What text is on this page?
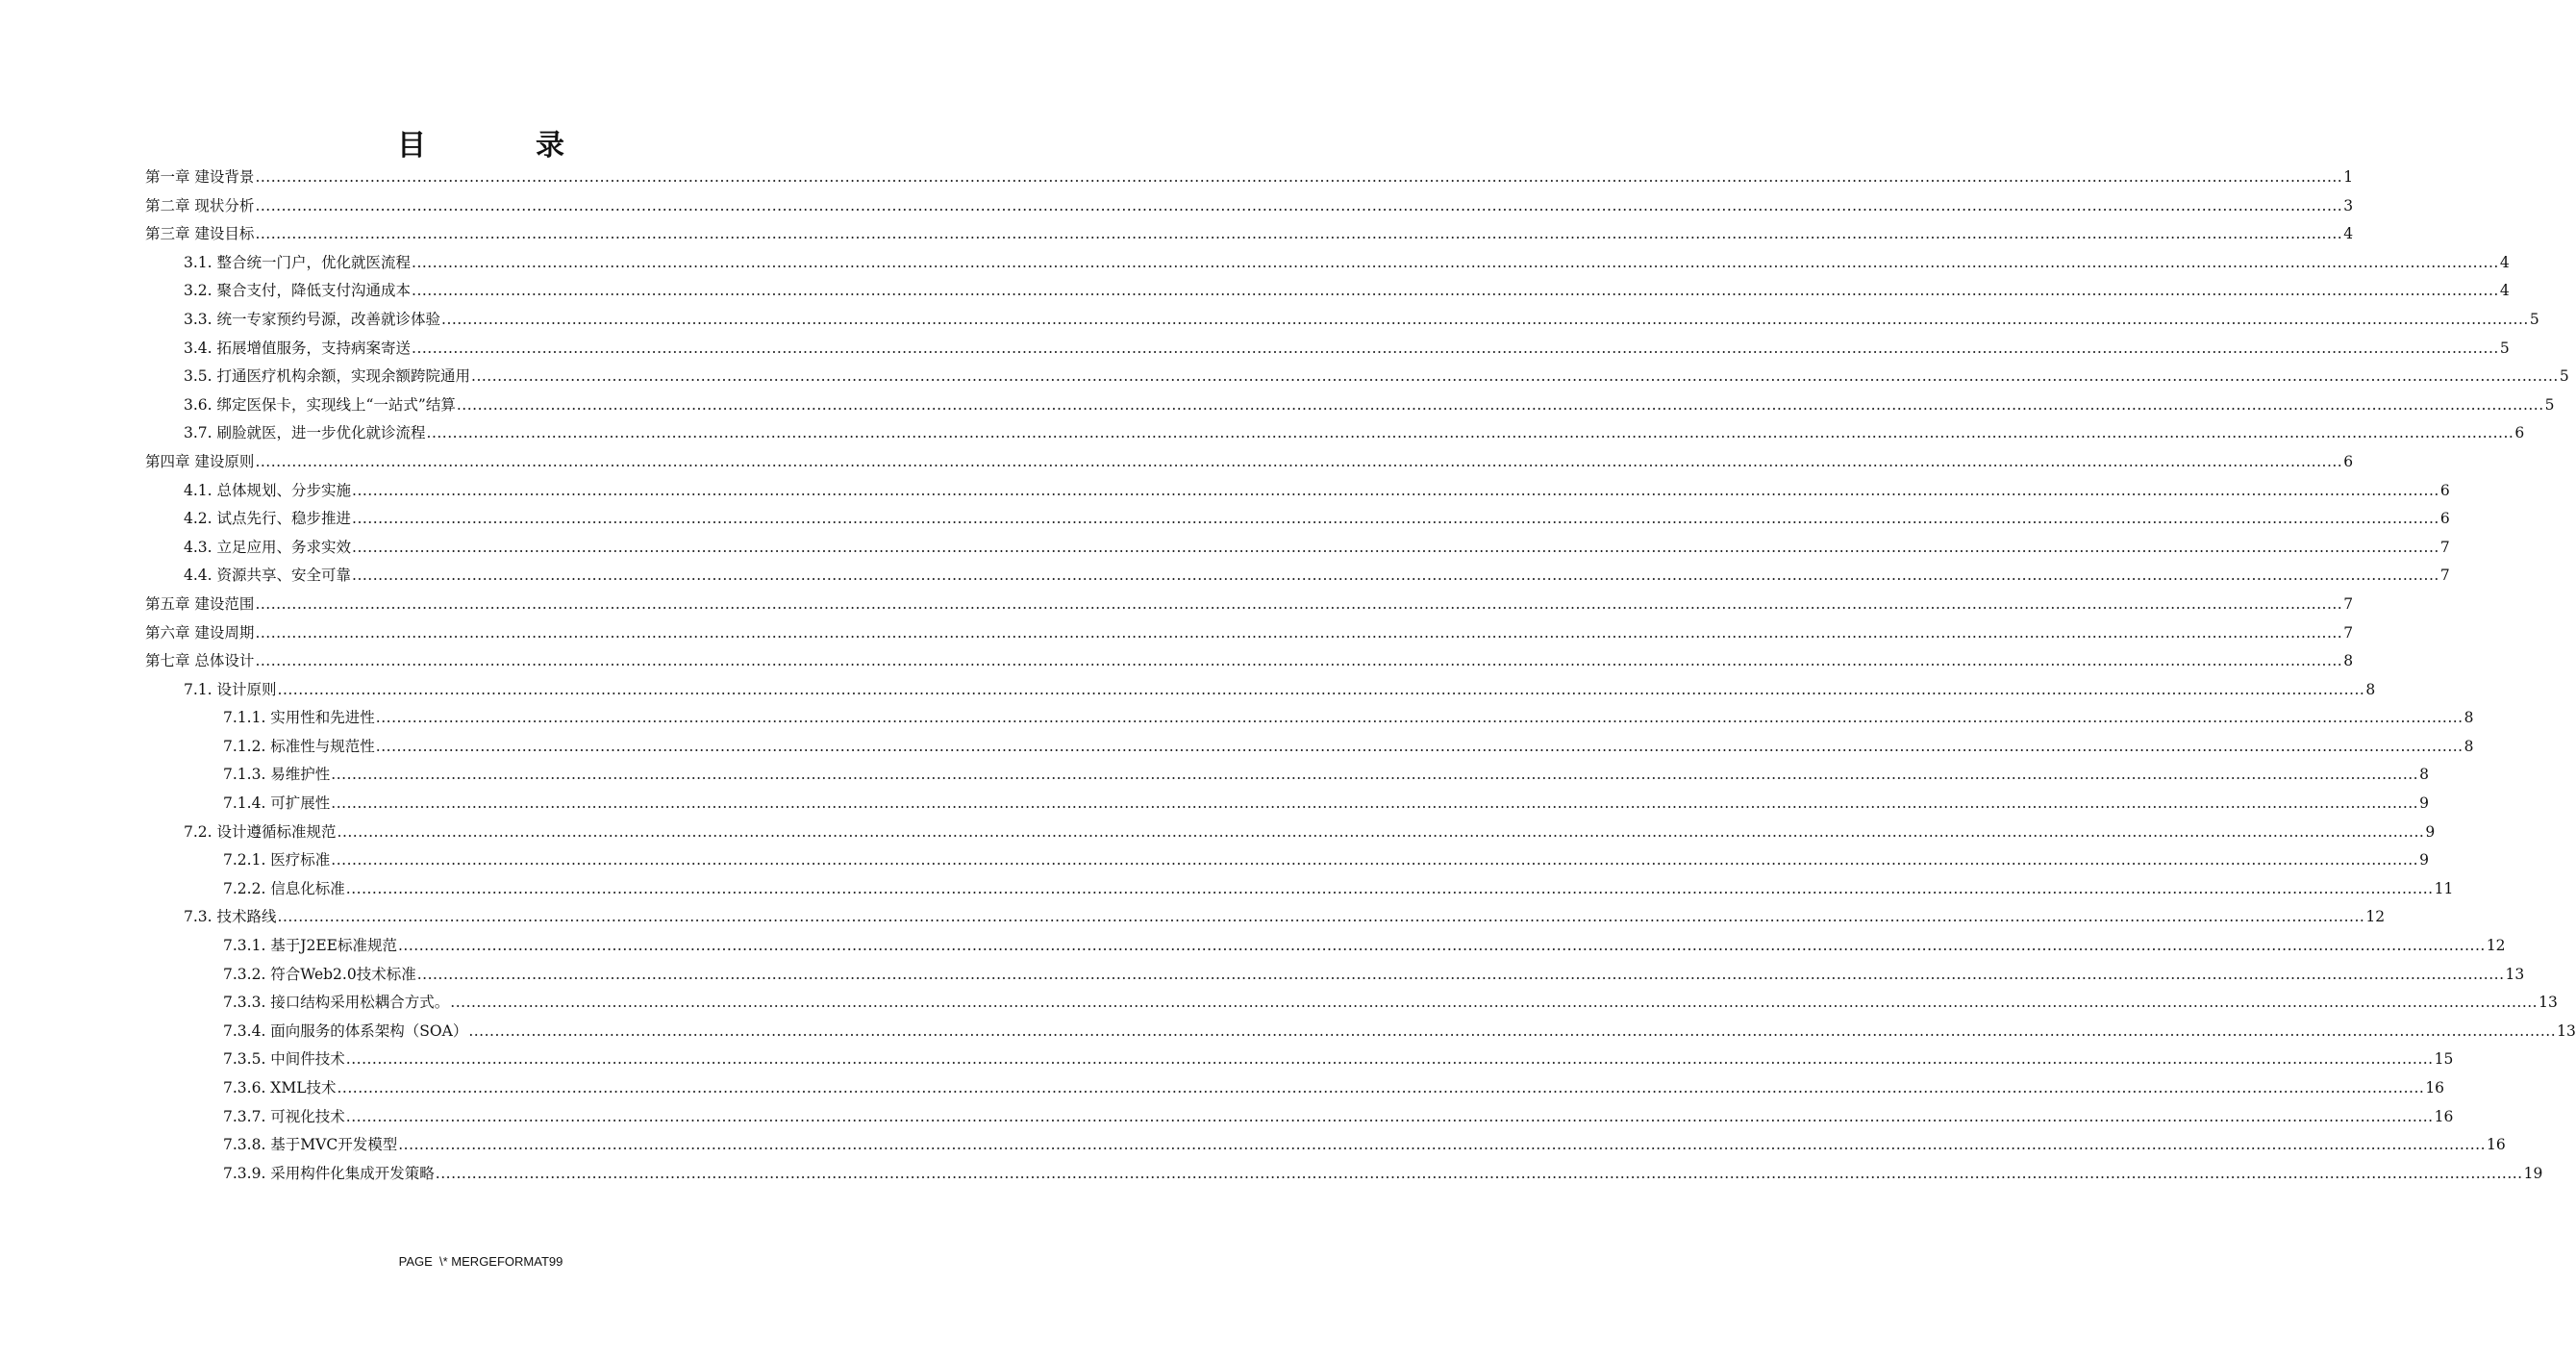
目　录
第一章 建设背景 ................................................................................................................................................................................................................................................................................................................................................................................................................ 1
第二章 现状分析 ................................................................................................................................................................................................................................................................................................................................................................................................................ 3
第三章 建设目标 ................................................................................................................................................................................................................................................................................................................................................................................................................ 4
3.1. 整合统一门户，优化就医流程 ................................................................................................................................................................................................................................................................................................................................................................................................................ 4
3.2. 聚合支付，降低支付沟通成本 ................................................................................................................................................................................................................................................................................................................................................................................................................ 4
3.3. 统一专家预约号源，改善就诊体验 ................................................................................................................................................................................................................................................................................................................................................................................................................ 5
3.4. 拓展增值服务，支持病案寄送 ................................................................................................................................................................................................................................................................................................................................................................................................................ 5
3.5. 打通医疗机构余额，实现余额跨院通用 ................................................................................................................................................................................................................................................................................................................................................................................................................ 5
3.6. 绑定医保卡，实现线上“一站式”结算 ................................................................................................................................................................................................................................................................................................................................................................................................................ 5
3.7. 刷脸就医，进一步优化就诊流程 ................................................................................................................................................................................................................................................................................................................................................................................................................ 6
第四章 建设原则 ................................................................................................................................................................................................................................................................................................................................................................................................................ 6
4.1. 总体规划、分步实施 ................................................................................................................................................................................................................................................................................................................................................................................................................ 6
4.2. 试点先行、稳步推进 ................................................................................................................................................................................................................................................................................................................................................................................................................ 6
4.3. 立足应用、务求实效 ................................................................................................................................................................................................................................................................................................................................................................................................................ 7
4.4. 资源共享、安全可靠 ................................................................................................................................................................................................................................................................................................................................................................................................................ 7
第五章 建设范围 ................................................................................................................................................................................................................................................................................................................................................................................................................ 7
第六章 建设周期 ................................................................................................................................................................................................................................................................................................................................................................................................................ 7
第七章 总体设计 ................................................................................................................................................................................................................................................................................................................................................................................................................ 8
7.1. 设计原则 ................................................................................................................................................................................................................................................................................................................................................................................................................ 8
7.1.1. 实用性和先进性 ................................................................................................................................................................................................................................................................................................................................................................................................................ 8
7.1.2. 标准性与规范性 ................................................................................................................................................................................................................................................................................................................................................................................................................ 8
7.1.3. 易维护性 ................................................................................................................................................................................................................................................................................................................................................................................................................ 8
7.1.4. 可扩展性 ................................................................................................................................................................................................................................................................................................................................................................................................................ 9
7.2. 设计遵循标准规范 ................................................................................................................................................................................................................................................................................................................................................................................................................ 9
7.2.1. 医疗标准 ................................................................................................................................................................................................................................................................................................................................................................................................................ 9
7.2.2. 信息化标准 ................................................................................................................................................................................................................................................................................................................................................................................................................ 11
7.3. 技术路线 ................................................................................................................................................................................................................................................................................................................................................................................................................ 12
7.3.1. 基于J2EE标准规范 ................................................................................................................................................................................................................................................................................................................................................................................................................ 12
7.3.2. 符合Web2.0技术标准 ................................................................................................................................................................................................................................................................................................................................................................................................................ 13
7.3.3. 接口结构采用松耦合方式。 ................................................................................................................................................................................................................................................................................................................................................................................................................ 13
7.3.4. 面向服务的体系架构（SOA） ................................................................................................................................................................................................................................................................................................................................................................................................................ 13
7.3.5. 中间件技术 ................................................................................................................................................................................................................................................................................................................................................................................................................ 15
7.3.6. XML技术 ................................................................................................................................................................................................................................................................................................................................................................................................................ 16
7.3.7. 可视化技术 ................................................................................................................................................................................................................................................................................................................................................................................................................ 16
7.3.8. 基于MVC开发模型 ................................................................................................................................................................................................................................................................................................................................................................................................................ 16
7.3.9. 采用构件化集成开发策略 ................................................................................................................................................................................................................................................................................................................................................................................................................ 19
PAGE  \* MERGEFORMAT99
